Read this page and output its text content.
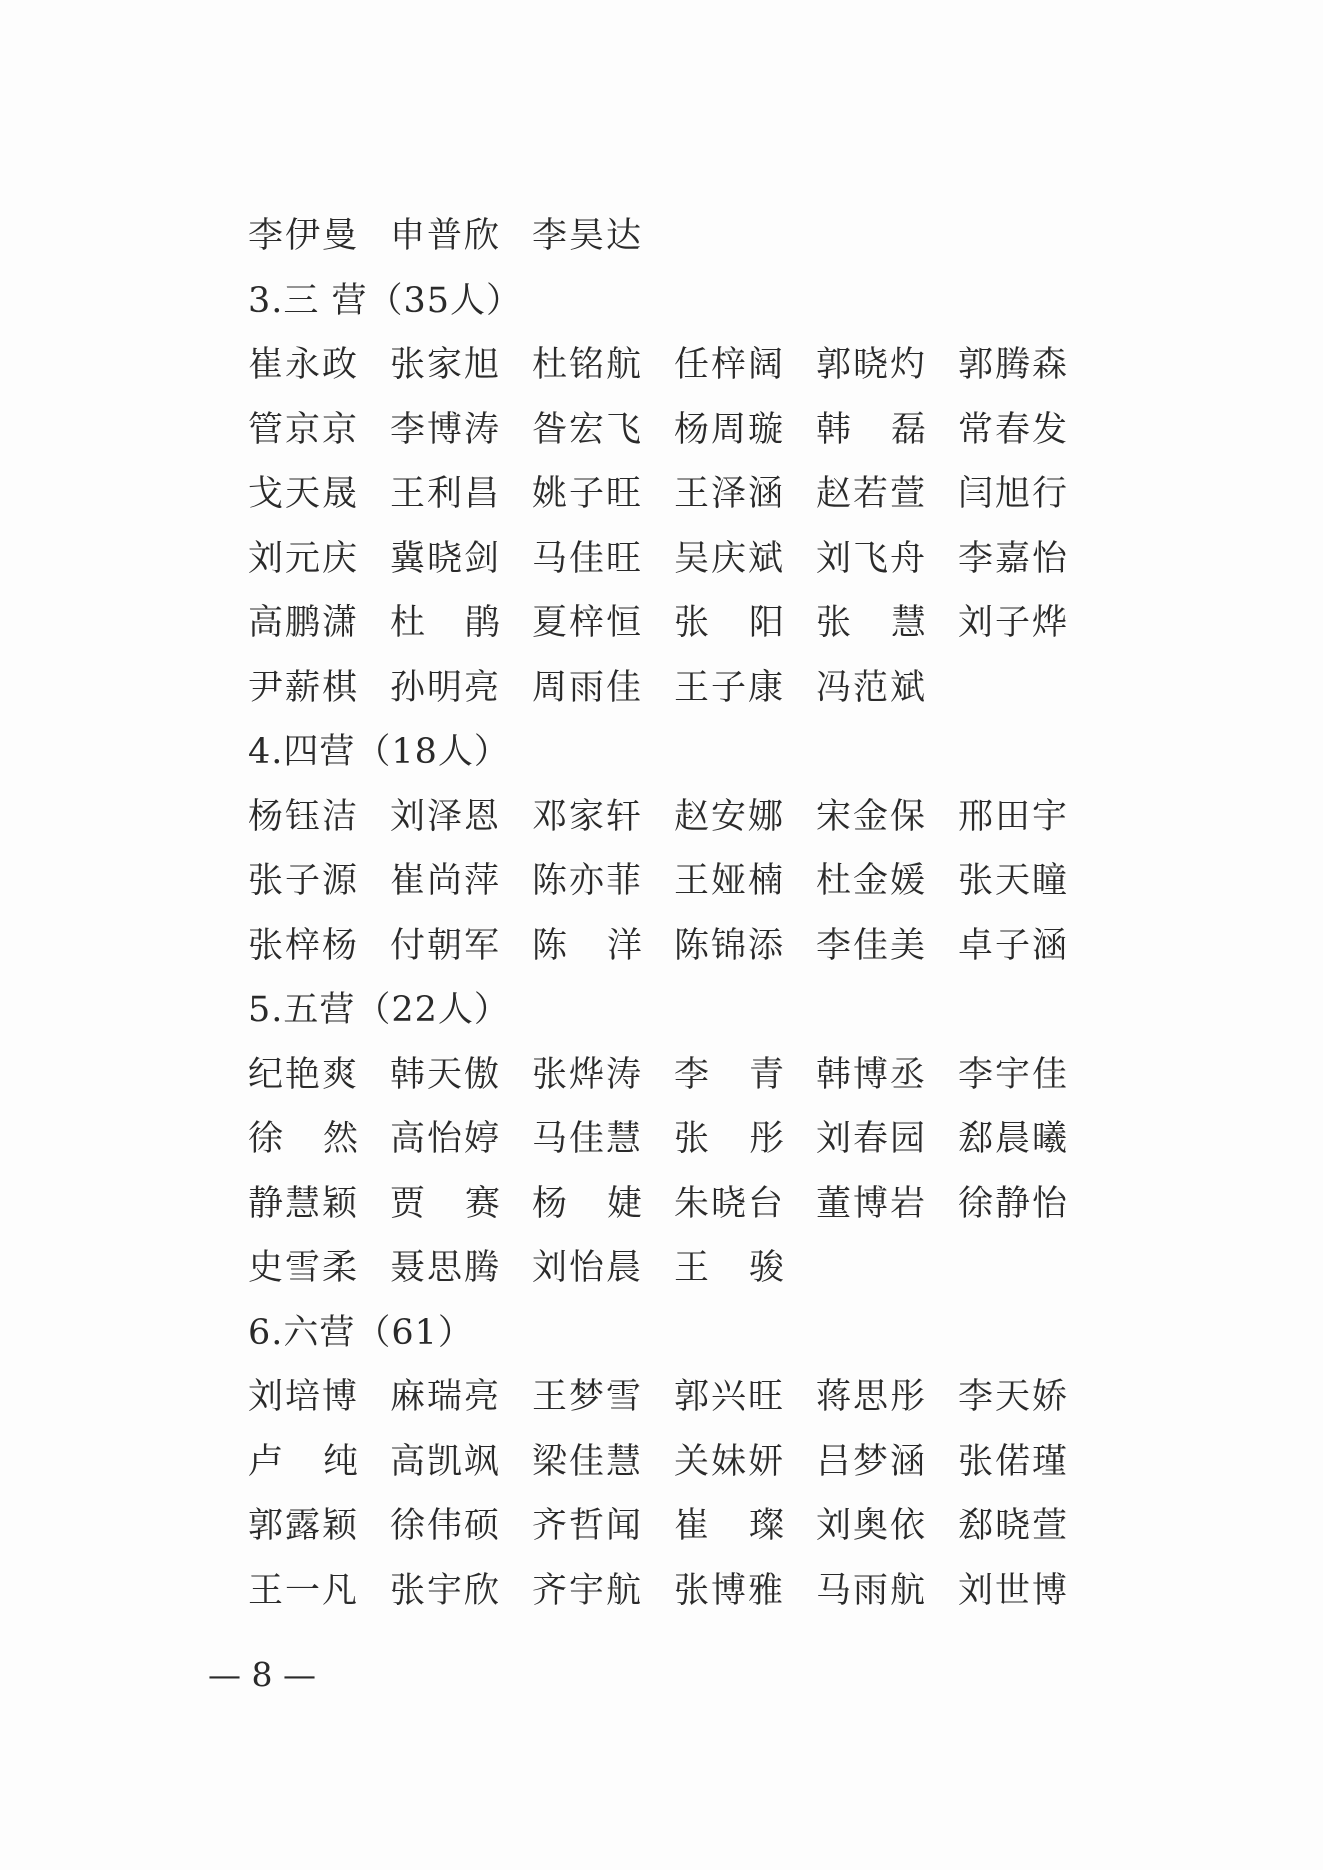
李伊曼 申普欣 李昊达
3.三 营（35人）
崔永政 张家旭 杜铭航 任梓阔 郭晓灼 郭腾森
管京京 李博涛 昝宏飞 杨周璇 韩 磊 常春发
戈天晟 王利昌 姚子旺 王泽涵 赵若萱 闫旭行
刘元庆 冀晓剑 马佳旺 吴庆斌 刘飞舟 李嘉怡
高鹏潇 杜 鹃 夏梓恒 张 阳 张 慧 刘子烨
尹薪棋 孙明亮 周雨佳 王子康 冯范斌
4.四营（18人）
杨钰洁 刘泽恩 邓家轩 赵安娜 宋金保 邢田宇
张子源 崔尚萍 陈亦菲 王娅楠 杜金媛 张天瞳
张梓杨 付朝军 陈 洋 陈锦添 李佳美 卓子涵
5.五营（22人）
纪艳爽 韩天傲 张烨涛 李 青 韩博丞 李宇佳
徐 然 高怡婷 马佳慧 张 彤 刘春园 郄晨曦
静慧颖 贾 赛 杨 婕 朱晓台 董博岩 徐静怡
史雪柔 聂思腾 刘怡晨 王 骏
6.六营（61）
刘培博 麻瑞亮 王梦雪 郭兴旺 蒋思彤 李天娇
卢 纯 高凯飒 梁佳慧 关妹妍 吕梦涵 张偌瑾
郭露颖 徐伟硕 齐哲闻 崔 璨 刘奥依 郄晓萱
王一凡 张宇欣 齐宇航 张博雅 马雨航 刘世博
— 8 —
